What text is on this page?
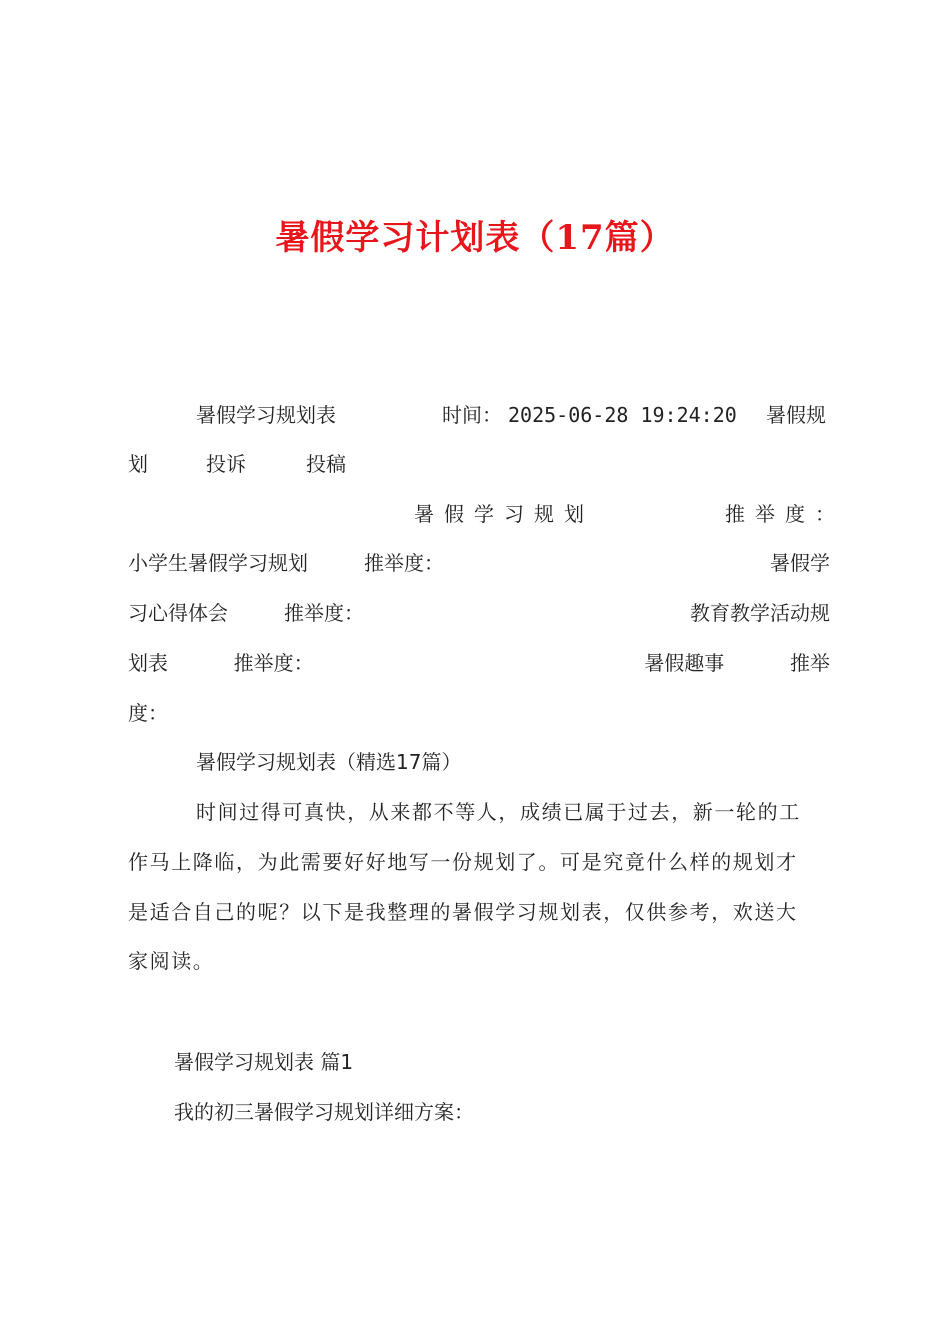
暑假学习计划表（17篇）
暑假学习规划表	时间： 2025-06-28 19:24:20 暑假规
划	投诉	投稿
暑假学习规划	推举度：
小学生暑假学习规划	推举度：	暑假学
习心得体会	推举度：	教育教学活动规
划表	推举度：	暑假趣事	推举
度：
暑假学习规划表（精选17篇）
时间过得可真快，从来都不等人，成绩已属于过去，新一轮的工
作马上降临，为此需要好好地写一份规划了。可是究竟什么样的规划才
是适合自己的呢？以下是我整理的暑假学习规划表，仅供参考，欢送大
家阅读。
暑假学习规划表 篇1
我的初三暑假学习规划详细方案：
